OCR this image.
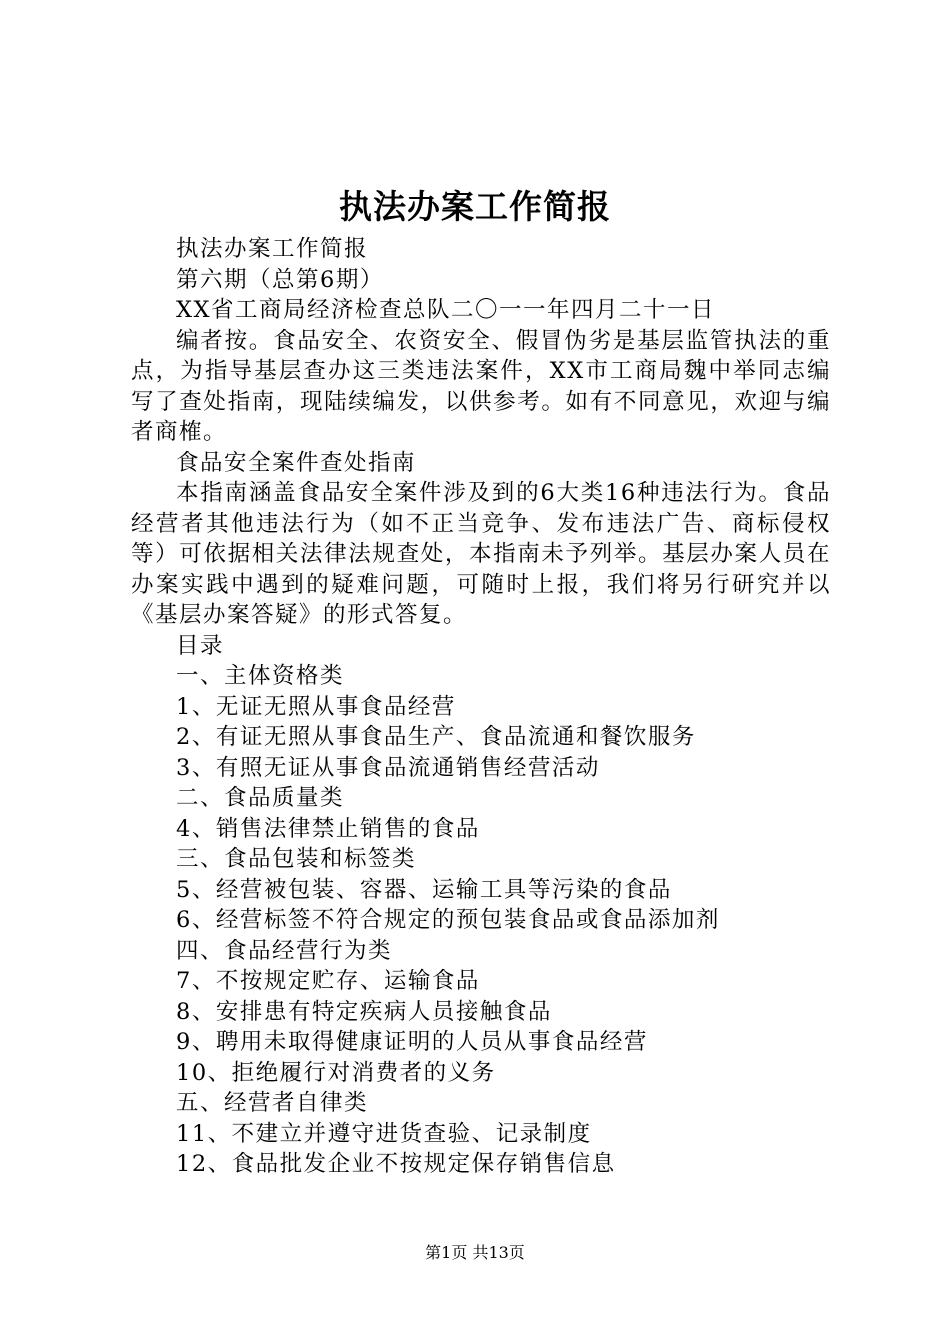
执法办案工作简报

执法办案工作简报

第六期（总第6期）

XX省工商局经济检查总队二〇一一年四月二十一日

编者按。食品安全、农资安全、假冒伪劣是基层监管执法的重点，为指导基层查办这三类违法案件，XX市工商局魏中举同志编写了查处指南，现陆续编发，以供参考。如有不同意见，欢迎与编者商榷。

食品安全案件查处指南

本指南涵盖食品安全案件涉及到的6大类16种违法行为。食品经营者其他违法行为（如不正当竞争、发布违法广告、商标侵权等）可依据相关法律法规查处，本指南未予列举。基层办案人员在办案实践中遇到的疑难问题，可随时上报，我们将另行研究并以《基层办案答疑》的形式答复。

目录

一、主体资格类

1、无证无照从事食品经营

2、有证无照从事食品生产、食品流通和餐饮服务

3、有照无证从事食品流通销售经营活动

二、食品质量类

4、销售法律禁止销售的食品

三、食品包装和标签类

5、经营被包装、容器、运输工具等污染的食品

6、经营标签不符合规定的预包装食品或食品添加剂

四、食品经营行为类

7、不按规定贮存、运输食品

8、安排患有特定疾病人员接触食品

9、聘用未取得健康证明的人员从事食品经营

10、拒绝履行对消费者的义务

五、经营者自律类

11、不建立并遵守进货查验、记录制度

12、食品批发企业不按规定保存销售信息

第1页 共13页
